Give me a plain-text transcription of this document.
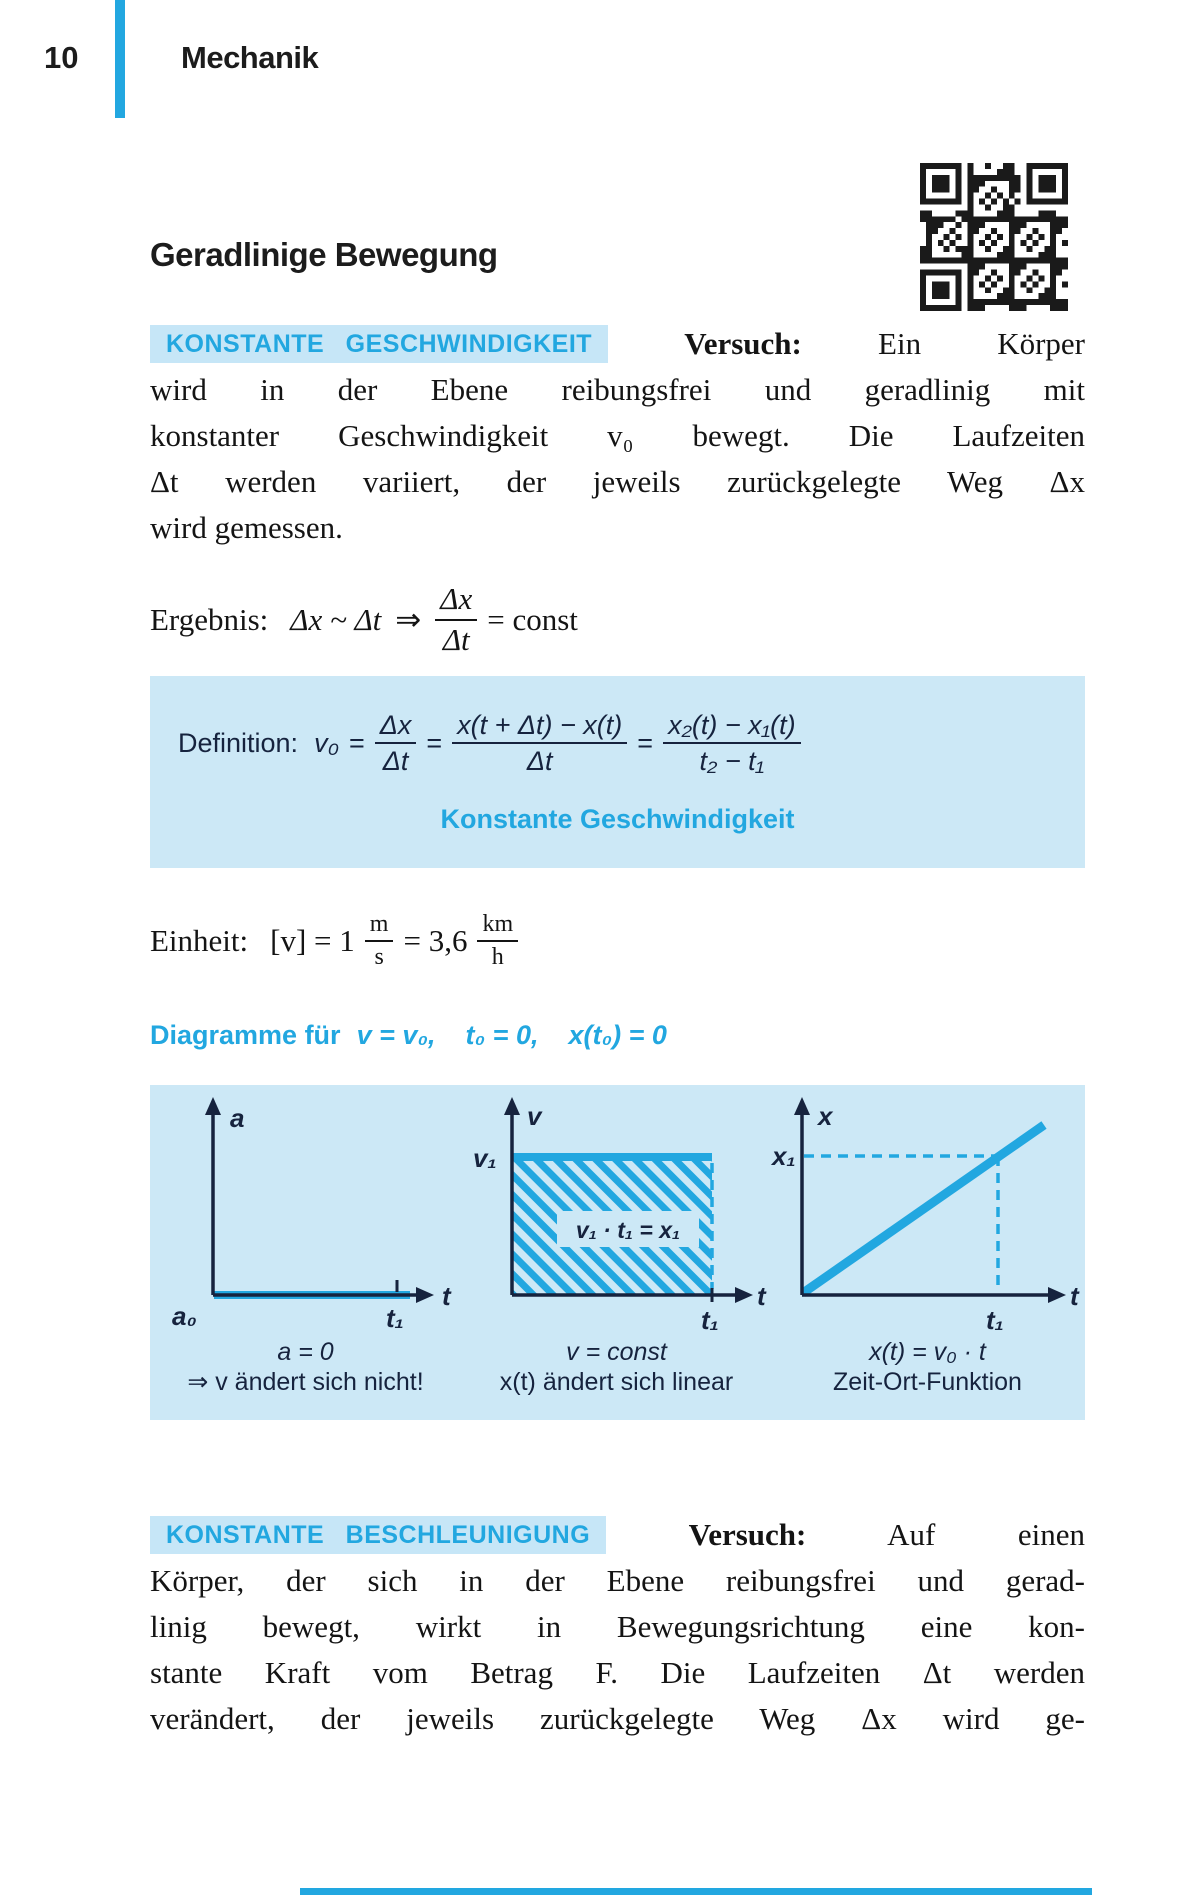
10	Mechanik
Geradlinige Bewegung
KONSTANTE GESCHWINDIGKEIT	Versuch: Ein Körper
wird in der Ebene reibungsfrei und geradlinig mit
konstanter Geschwindigkeit v₀ bewegt. Die Laufzeiten
Δt werden variiert, der jeweils zurückgelegte Weg Δx
wird gemessen.
Ergebnis: Δx ~ Δt ⇒ $\frac{\Delta x}{\Delta t}$ = const
Definition: $v_0 = \frac{\Delta x}{\Delta t} = \frac{x(t + \Delta t) - x(t)}{\Delta t} = \frac{\text{x₂(t) − x₁(t)}}{\text{t₂ − t₁}}$
Konstante Geschwindigkeit
Einheit: $[v] = 1 \frac{m}{s} = 3,6 \frac{km}{h}$
Diagramme für v = v₀, t₀ = 0, x(t₀) = 0
a
t
a₀	t₁
a = 0
⇒ v ändert sich nicht!
v₁ · t₁ = x₁
v
t
v₁
t₁
v = const
x(t) ändert sich linear
x
t
x₁
t₁
x(t) = v₀ · t
Zeit-Ort-Funktion
KONSTANTE BESCHLEUNIGUNG	Versuch:	Auf einen
Körper, der sich in der Ebene reibungsfrei und gerad-
linig bewegt, wirkt in Bewegungsrichtung eine kon-
stante Kraft vom Betrag F. Die Laufzeiten Δt werden
verändert, der jeweils zurückgelegte Weg Δx wird ge-
